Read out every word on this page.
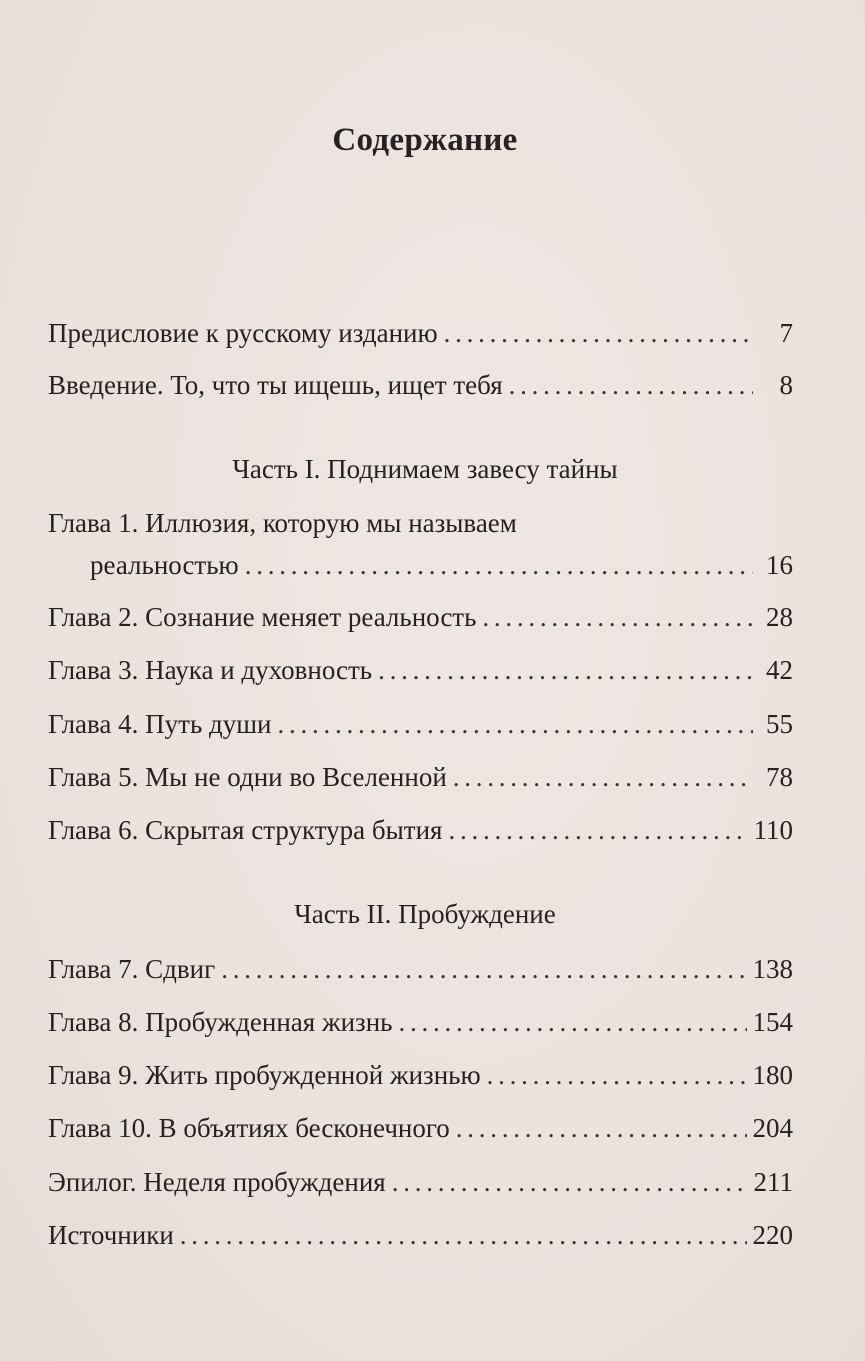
Содержание
Предисловие к русскому изданию . . .	7
Введение. То, что ты ищешь, ищет тебя . . .	8
Часть I. Поднимаем завесу тайны
Глава 1. Иллюзия, которую мы называем
реальностью . . .	16
Глава 2. Сознание меняет реальность . . .	28
Глава 3. Наука и духовность . . .	42
Глава 4. Путь души . . .	55
Глава 5. Мы не одни во Вселенной . . .	78
Глава 6. Скрытая структура бытия . . .	110
Часть II. Пробуждение
Глава 7. Сдвиг . . .	138
Глава 8. Пробужденная жизнь . . .	154
Глава 9. Жить пробужденной жизнью . . .	180
Глава 10. В объятиях бесконечного . . .	204
Эпилог. Неделя пробуждения . . .	211
Источники . . .	220
